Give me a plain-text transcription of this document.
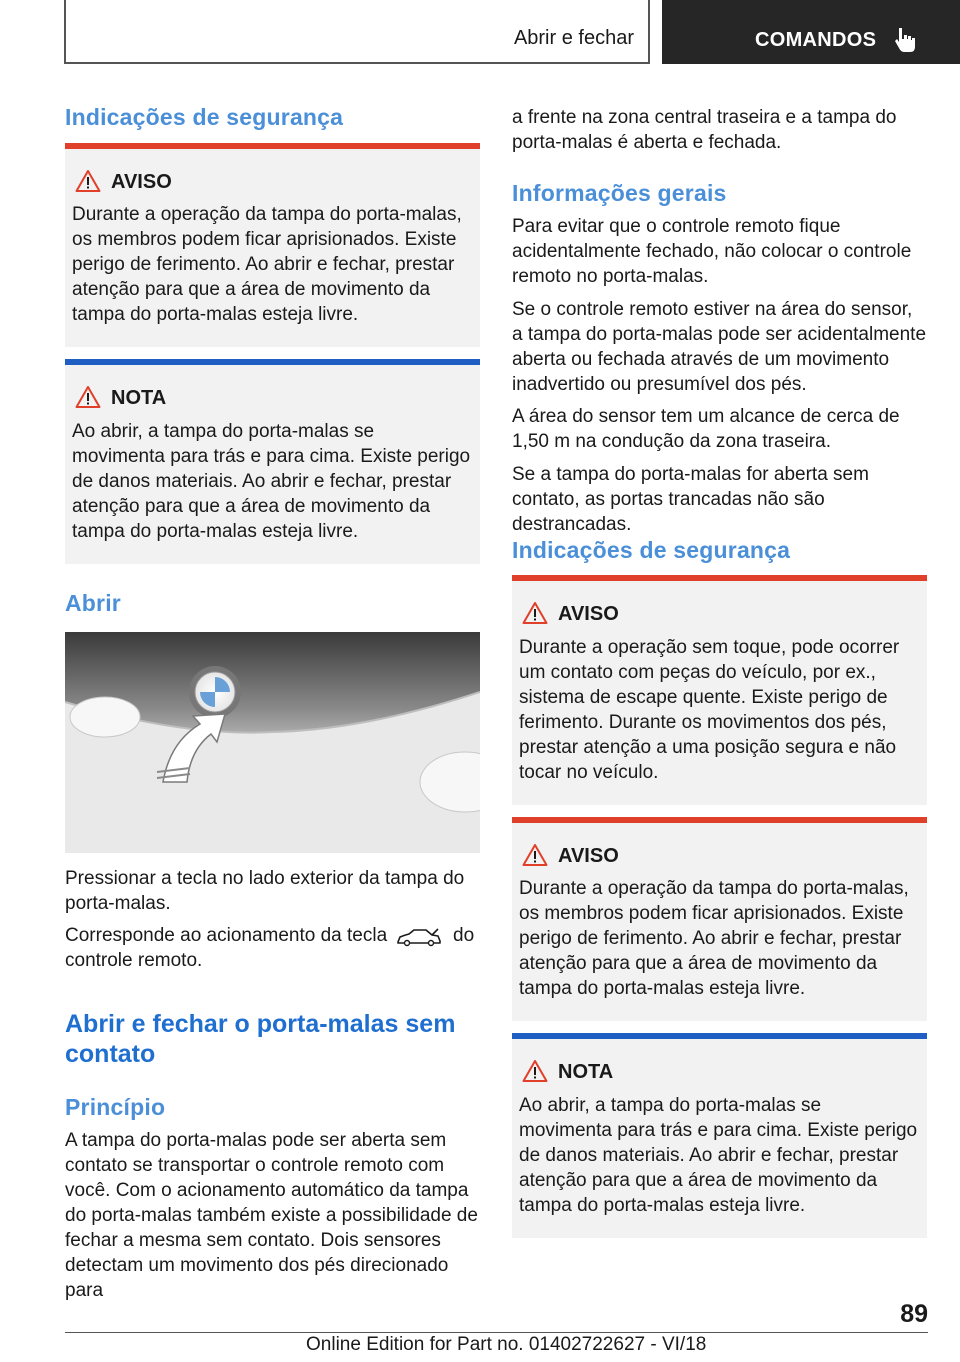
Abrir e fechar	COMANDOS
Indicações de segurança
AVISO
Durante a operação da tampa do porta-malas, os membros podem ficar aprisionados. Existe perigo de ferimento. Ao abrir e fechar, prestar atenção para que a área de movimento da tampa do porta-malas esteja livre.
NOTA
Ao abrir, a tampa do porta-malas se movimenta para trás e para cima. Existe perigo de danos materiais. Ao abrir e fechar, prestar atenção para que a área de movimento da tampa do porta-malas esteja livre.
Abrir

Pressionar a tecla no lado exterior da tampa do porta-malas.

Corresponde ao acionamento da tecla	do

controle remoto.

Abrir e fechar o porta-malas sem contato
Princípio

A tampa do porta-malas pode ser aberta sem contato se transportar o controle remoto com você. Com o acionamento automático da tampa do porta-malas também existe a possibilidade de fechar a mesma sem contato. Dois sensores detectam um movimento dos pés direcionado para

a frente na zona central traseira e a tampa do porta-malas é aberta e fechada.

Informações gerais

Para evitar que o controle remoto fique acidentalmente fechado, não colocar o controle remoto no porta-malas.

Se o controle remoto estiver na área do sensor, a tampa do porta-malas pode ser acidentalmente aberta ou fechada através de um movimento inadvertido ou presumível dos pés.

A área do sensor tem um alcance de cerca de 1,50 m na condução da zona traseira.

Se a tampa do porta-malas for aberta sem contato, as portas trancadas não são destrancadas.

Indicações de segurança
AVISO
Durante a operação sem toque, pode ocorrer um contato com peças do veículo, por ex., sistema de escape quente. Existe perigo de ferimento. Durante os movimentos dos pés, prestar atenção a uma posição segura e não tocar no veículo.
AVISO
Durante a operação da tampa do porta-malas, os membros podem ficar aprisionados. Existe perigo de ferimento. Ao abrir e fechar, prestar atenção para que a área de movimento da tampa do porta-malas esteja livre.
NOTA
Ao abrir, a tampa do porta-malas se movimenta para trás e para cima. Existe perigo de danos materiais. Ao abrir e fechar, prestar atenção para que a área de movimento da tampa do porta-malas esteja livre.
89
Online Edition for Part no. 01402722627 - VI/18
